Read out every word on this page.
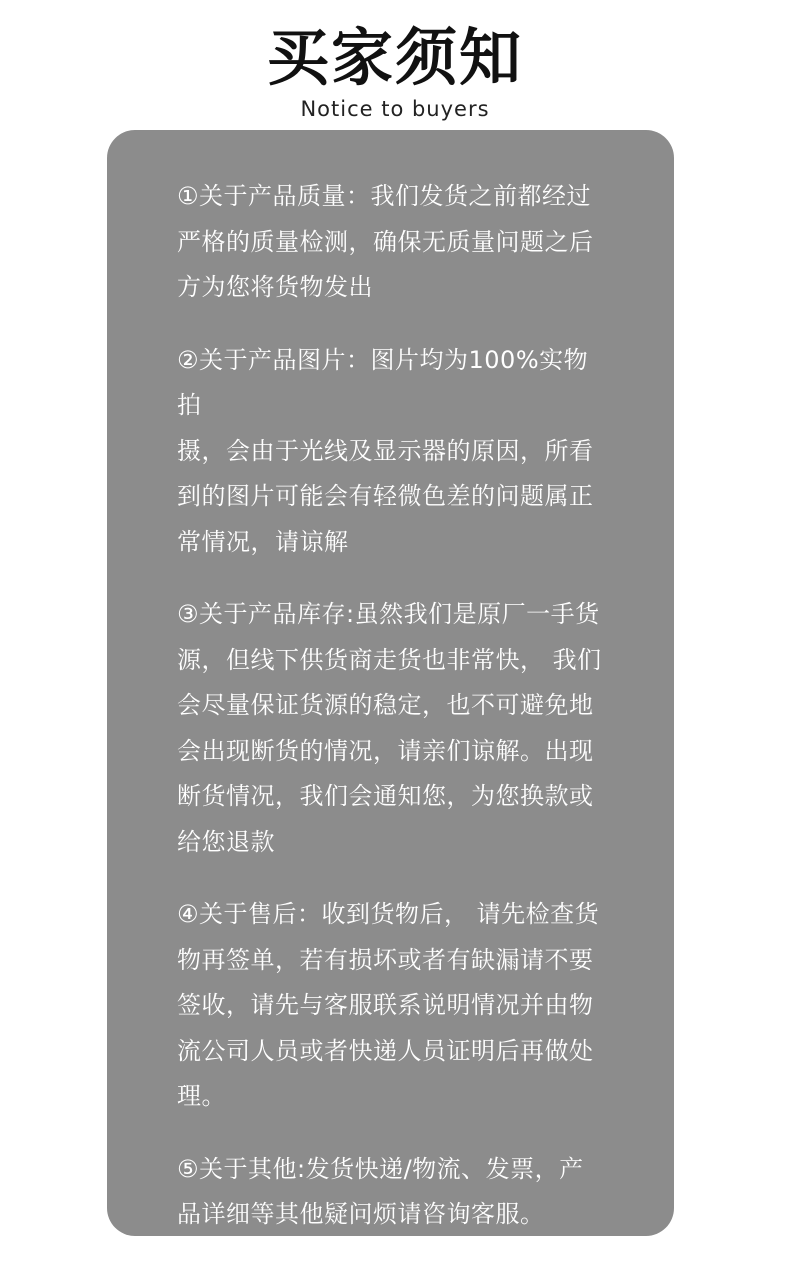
买家须知
Notice to buyers
①关于产品质量：我们发货之前都经过
严格的质量检测，确保无质量问题之后
方为您将货物发出
②关于产品图片：图片均为100%实物拍
摄，会由于光线及显示器的原因，所看
到的图片可能会有轻微色差的问题属正
常情况，请谅解
③关于产品库存:虽然我们是原厂一手货
源，但线下供货商走货也非常快， 我们
会尽量保证货源的稳定，也不可避免地
会出现断货的情况，请亲们谅解。出现
断货情况，我们会通知您，为您换款或
给您退款
④关于售后：收到货物后， 请先检查货
物再签单，若有损坏或者有缺漏请不要
签收，请先与客服联系说明情况并由物
流公司人员或者快递人员证明后再做处
理。
⑤关于其他:发货快递/物流、发票，产
品详细等其他疑问烦请咨询客服。
